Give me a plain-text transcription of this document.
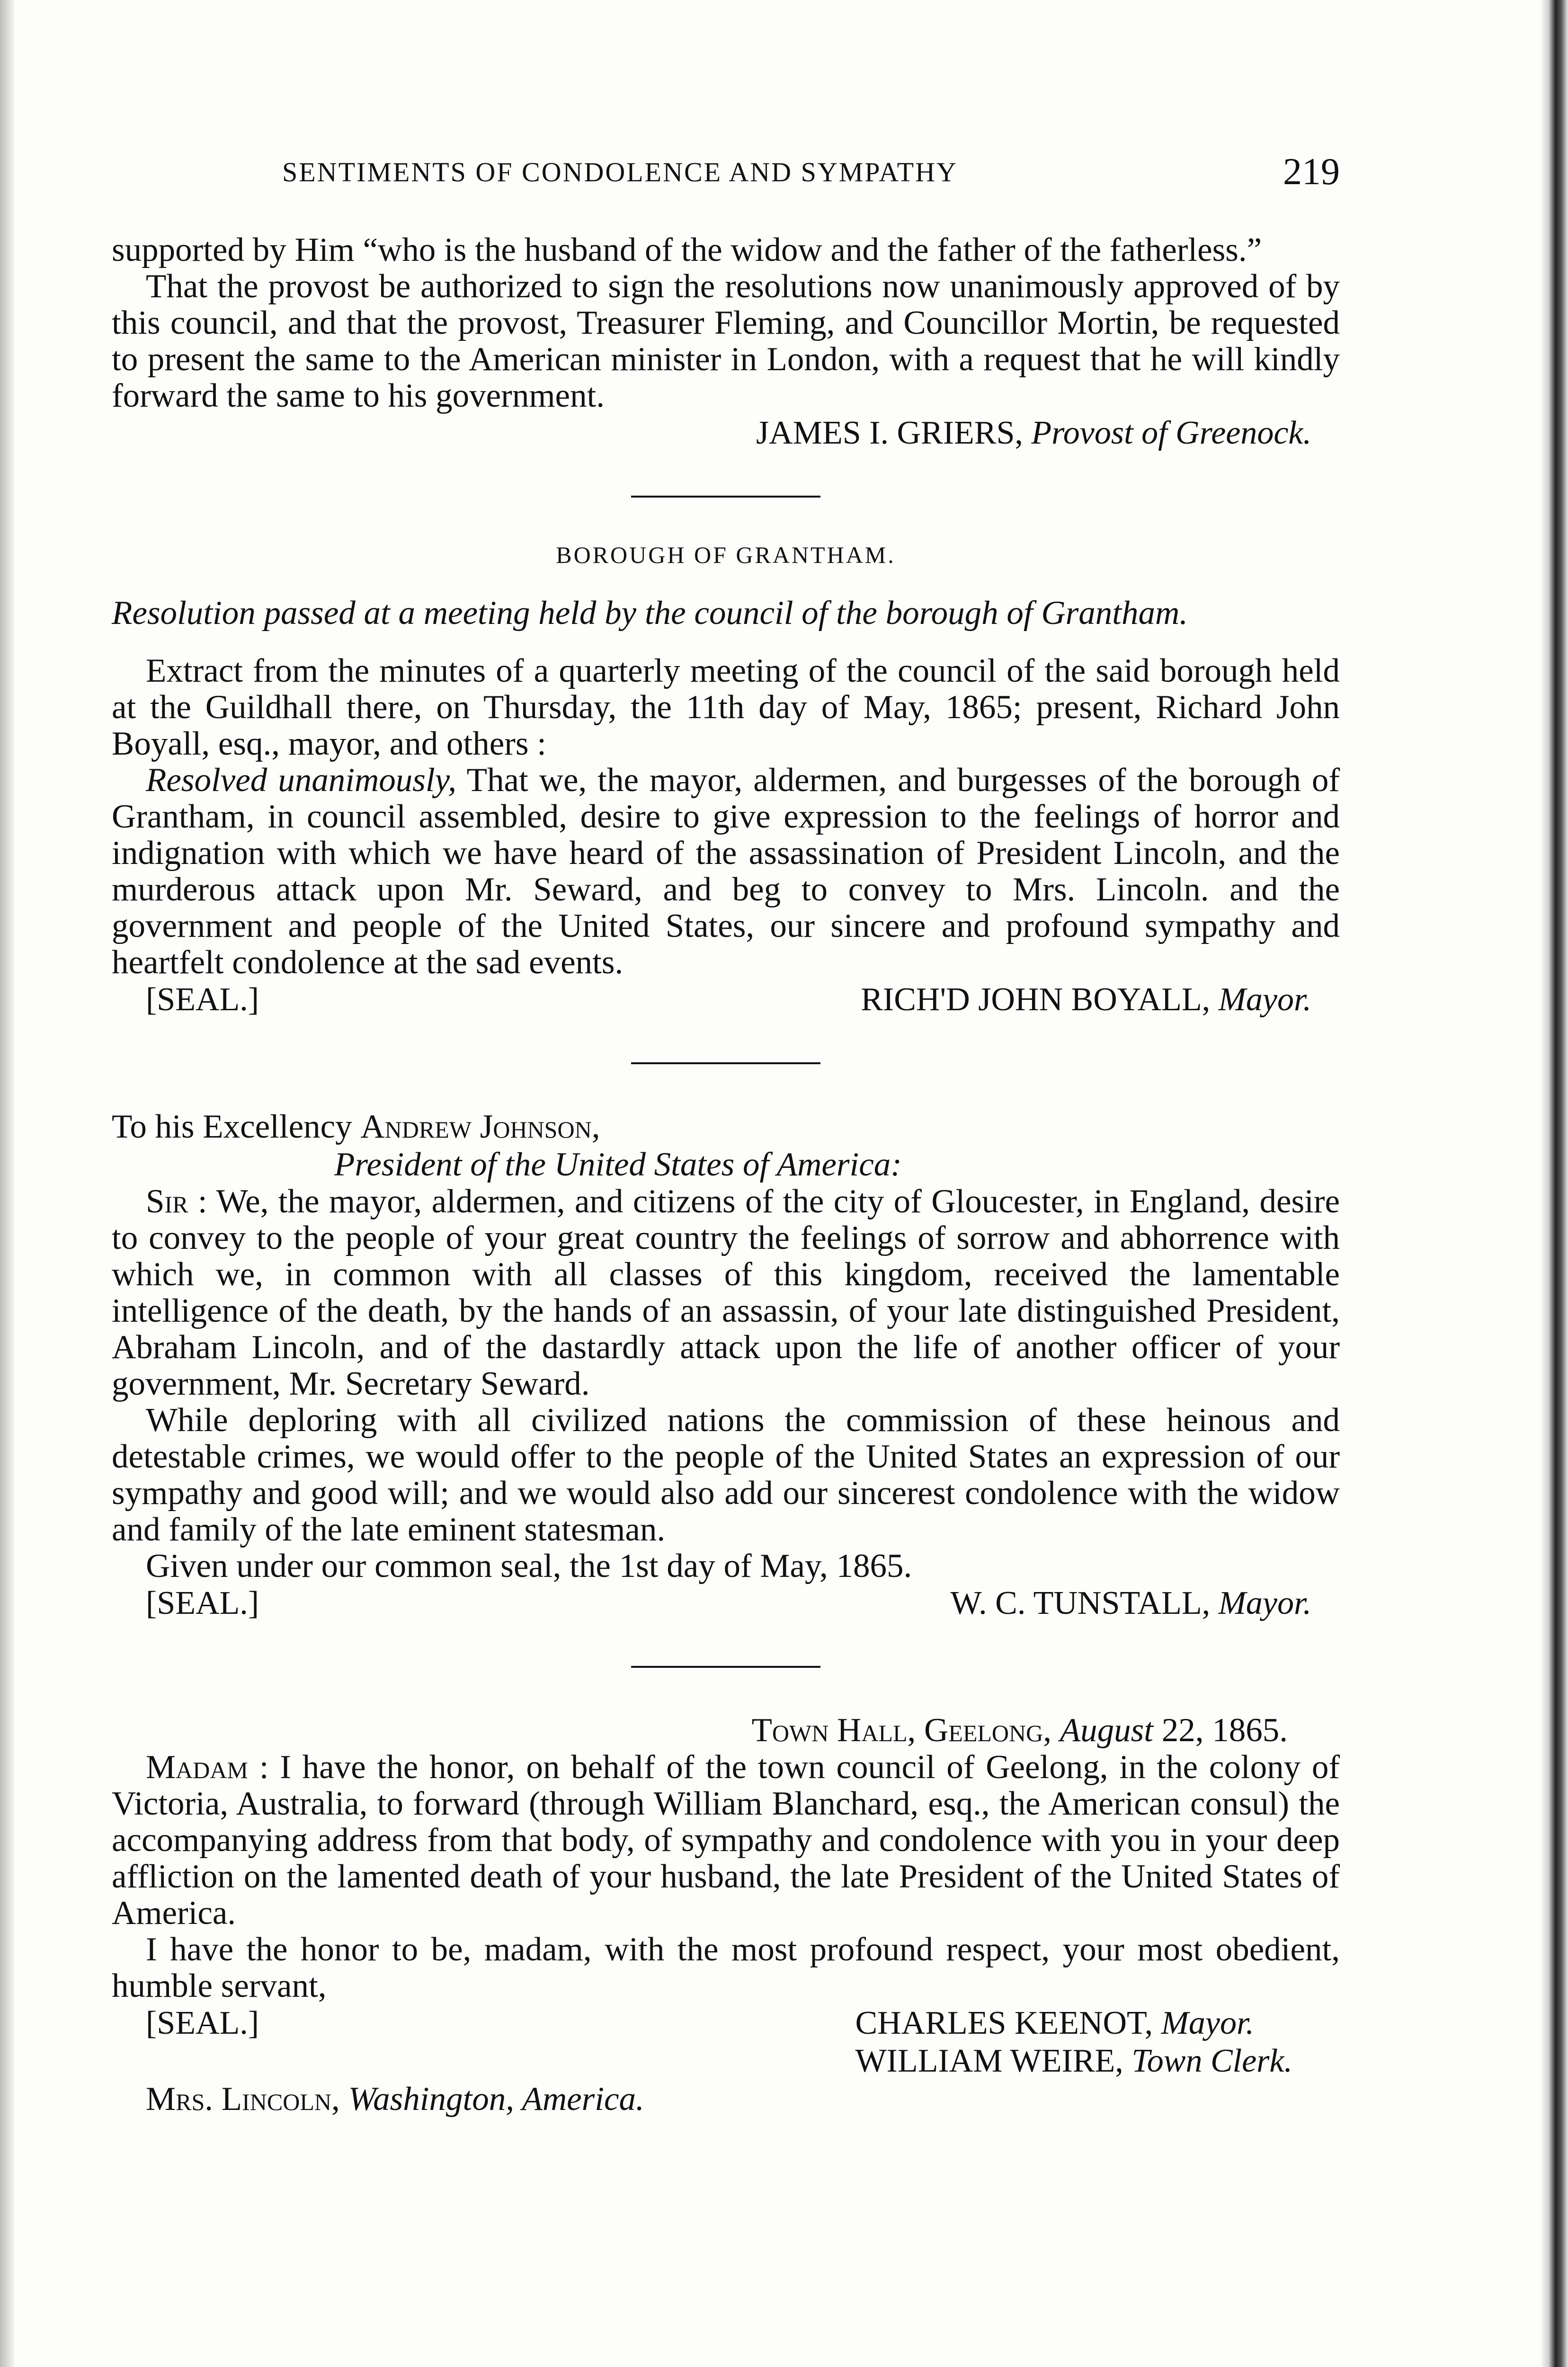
SENTIMENTS OF CONDOLENCE AND SYMPATHY	219

supported by Him “who is the husband of the widow and the father of the fatherless.”

That the provost be authorized to sign the resolutions now unanimously approved of by this council, and that the provost, Treasurer Fleming, and Councillor Mortin, be requested to present the same to the American minister in London, with a request that he will kindly forward the same to his government.

JAMES I. GRIERS, Provost of Greenock.
BOROUGH OF GRANTHAM.
Resolution passed at a meeting held by the council of the borough of Grantham.

Extract from the minutes of a quarterly meeting of the council of the said borough held at the Guildhall there, on Thursday, the 11th day of May, 1865; present, Richard John Boyall, esq., mayor, and others :

Resolved unanimously, That we, the mayor, aldermen, and burgesses of the borough of Grantham, in council assembled, desire to give expression to the feelings of horror and indignation with which we have heard of the assassination of President Lincoln, and the murderous attack upon Mr. Seward, and beg to convey to Mrs. Lincoln. and the government and people of the United States, our sincere and profound sympathy and heartfelt condolence at the sad events.

[SEAL.]	RICH'D JOHN BOYALL, Mayor.
To his Excellency Andrew Johnson,
President of the United States of America:

Sir : We, the mayor, aldermen, and citizens of the city of Gloucester, in England, desire to convey to the people of your great country the feelings of sorrow and abhorrence with which we, in common with all classes of this kingdom, received the lamentable intelligence of the death, by the hands of an assassin, of your late distinguished President, Abraham Lincoln, and of the dastardly attack upon the life of another officer of your government, Mr. Secretary Seward.

While deploring with all civilized nations the commission of these heinous and detestable crimes, we would offer to the people of the United States an expression of our sympathy and good will; and we would also add our sincerest condolence with the widow and family of the late eminent statesman.

Given under our common seal, the 1st day of May, 1865.

[SEAL.]	W. C. TUNSTALL, Mayor.
Town Hall, Geelong, August 22, 1865.

Madam : I have the honor, on behalf of the town council of Geelong, in the colony of Victoria, Australia, to forward (through William Blanchard, esq., the American consul) the accompanying address from that body, of sympathy and condolence with you in your deep affliction on the lamented death of your husband, the late President of the United States of America.

I have the honor to be, madam, with the most profound respect, your most obedient, humble servant,

[SEAL.]	CHARLES KEENOT, Mayor.
WILLIAM WEIRE, Town Clerk.
Mrs. Lincoln, Washington, America.
